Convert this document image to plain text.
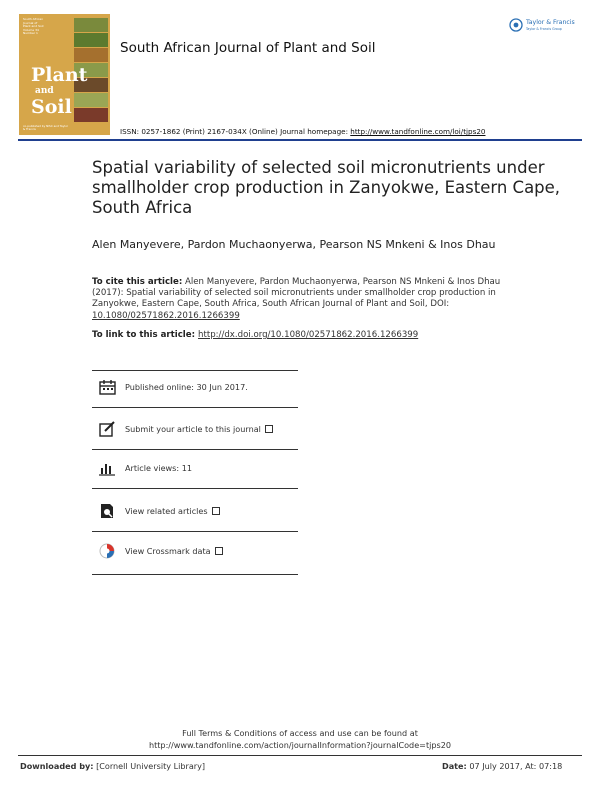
South African
Journal of
Plant and Soil
Volume 34
Number 1
Plant
and
Soil
co-published by NISC and Taylor & Francis
South African Journal of Plant and Soil
Taylor & Francis
Taylor & Francis Group
ISSN: 0257-1862 (Print) 2167-034X (Online) Journal homepage: http://www.tandfonline.com/loi/tjps20
Spatial variability of selected soil micronutrients under smallholder crop production in Zanyokwe, Eastern Cape, South Africa
Alen Manyevere, Pardon Muchaonyerwa, Pearson NS Mnkeni & Inos Dhau
To cite this article: Alen Manyevere, Pardon Muchaonyerwa, Pearson NS Mnkeni & Inos Dhau (2017): Spatial variability of selected soil micronutrients under smallholder crop production in Zanyokwe, Eastern Cape, South Africa, South African Journal of Plant and Soil, DOI: 10.1080/02571862.2016.1266399
To link to this article: http://dx.doi.org/10.1080/02571862.2016.1266399
Published online: 30 Jun 2017.
Submit your article to this journal
Article views: 11
View related articles
View Crossmark data
Full Terms & Conditions of access and use can be found at
http://www.tandfonline.com/action/journalInformation?journalCode=tjps20
Downloaded by: [Cornell University Library]	Date: 07 July 2017, At: 07:18
